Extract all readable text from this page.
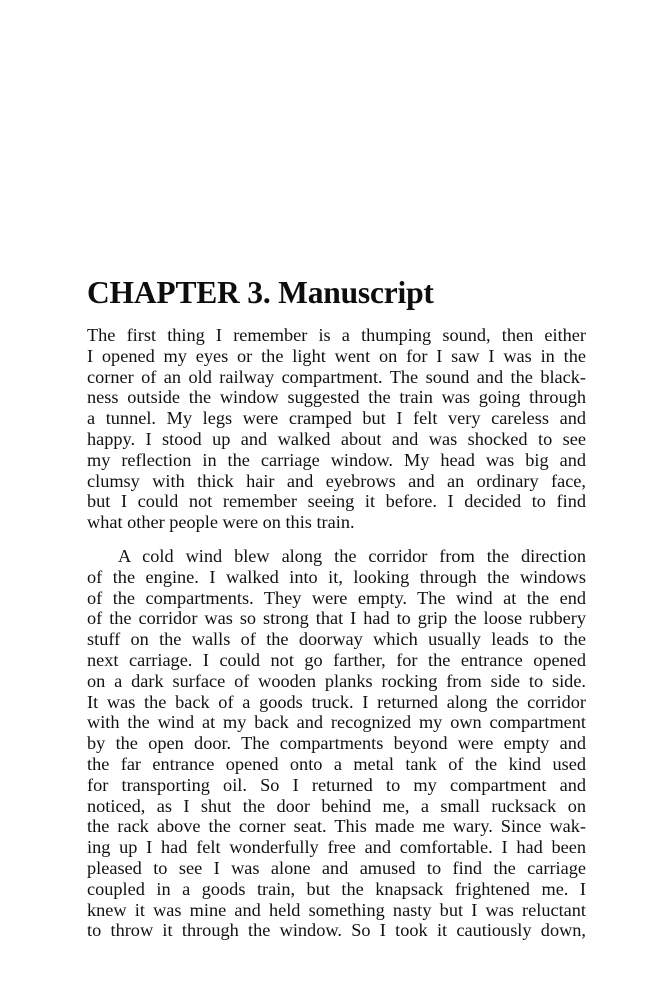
CHAPTER 3. Manuscript
The first thing I remember is a thumping sound, then either
I opened my eyes or the light went on for I saw I was in the
corner of an old railway compartment. The sound and the black-
ness outside the window suggested the train was going through
a tunnel. My legs were cramped but I felt very careless and
happy. I stood up and walked about and was shocked to see
my reflection in the carriage window. My head was big and
clumsy with thick hair and eyebrows and an ordinary face,
but I could not remember seeing it before. I decided to find
what other people were on this train.
A cold wind blew along the corridor from the direction
of the engine. I walked into it, looking through the windows
of the compartments. They were empty. The wind at the end
of the corridor was so strong that I had to grip the loose rubbery
stuff on the walls of the doorway which usually leads to the
next carriage. I could not go farther, for the entrance opened
on a dark surface of wooden planks rocking from side to side.
It was the back of a goods truck. I returned along the corridor
with the wind at my back and recognized my own compartment
by the open door. The compartments beyond were empty and
the far entrance opened onto a metal tank of the kind used
for transporting oil. So I returned to my compartment and
noticed, as I shut the door behind me, a small rucksack on
the rack above the corner seat. This made me wary. Since wak-
ing up I had felt wonderfully free and comfortable. I had been
pleased to see I was alone and amused to find the carriage
coupled in a goods train, but the knapsack frightened me. I
knew it was mine and held something nasty but I was reluctant
to throw it through the window. So I took it cautiously down,
